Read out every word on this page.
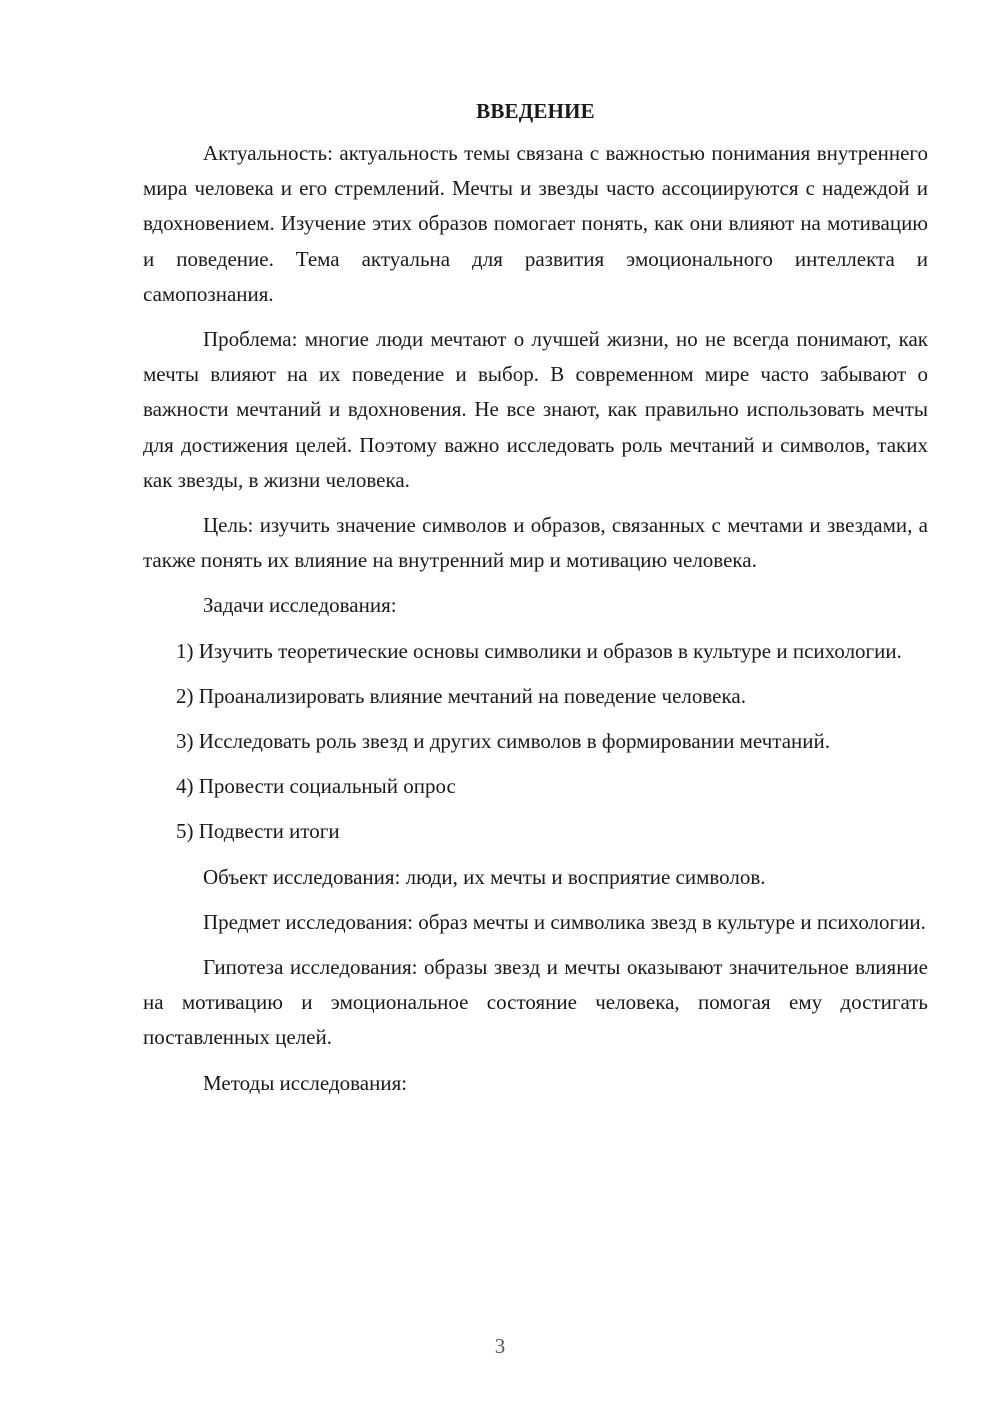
ВВЕДЕНИЕ

Актуальность: актуальность темы связана с важностью понимания внутреннего мира человека и его стремлений. Мечты и звезды часто ассоциируются с надеждой и вдохновением. Изучение этих образов помогает понять, как они влияют на мотивацию и поведение. Тема актуальна для развития эмоционального интеллекта и самопознания.

Проблема: многие люди мечтают о лучшей жизни, но не всегда понимают, как мечты влияют на их поведение и выбор. В современном мире часто забывают о важности мечтаний и вдохновения. Не все знают, как правильно использовать мечты для достижения целей. Поэтому важно исследовать роль мечтаний и символов, таких как звезды, в жизни человека.

Цель: изучить значение символов и образов, связанных с мечтами и звездами, а также понять их влияние на внутренний мир и мотивацию человека.

Задачи исследования:

1) Изучить теоретические основы символики и образов в культуре и психологии.

2) Проанализировать влияние мечтаний на поведение человека.

3) Исследовать роль звезд и других символов в формировании мечтаний.

4) Провести социальный опрос

5) Подвести итоги

Объект исследования: люди, их мечты и восприятие символов.

Предмет исследования: образ мечты и символика звезд в культуре и психологии.

Гипотеза исследования: образы звезд и мечты оказывают значительное влияние на мотивацию и эмоциональное состояние человека, помогая ему достигать поставленных целей.

Методы исследования:

3
